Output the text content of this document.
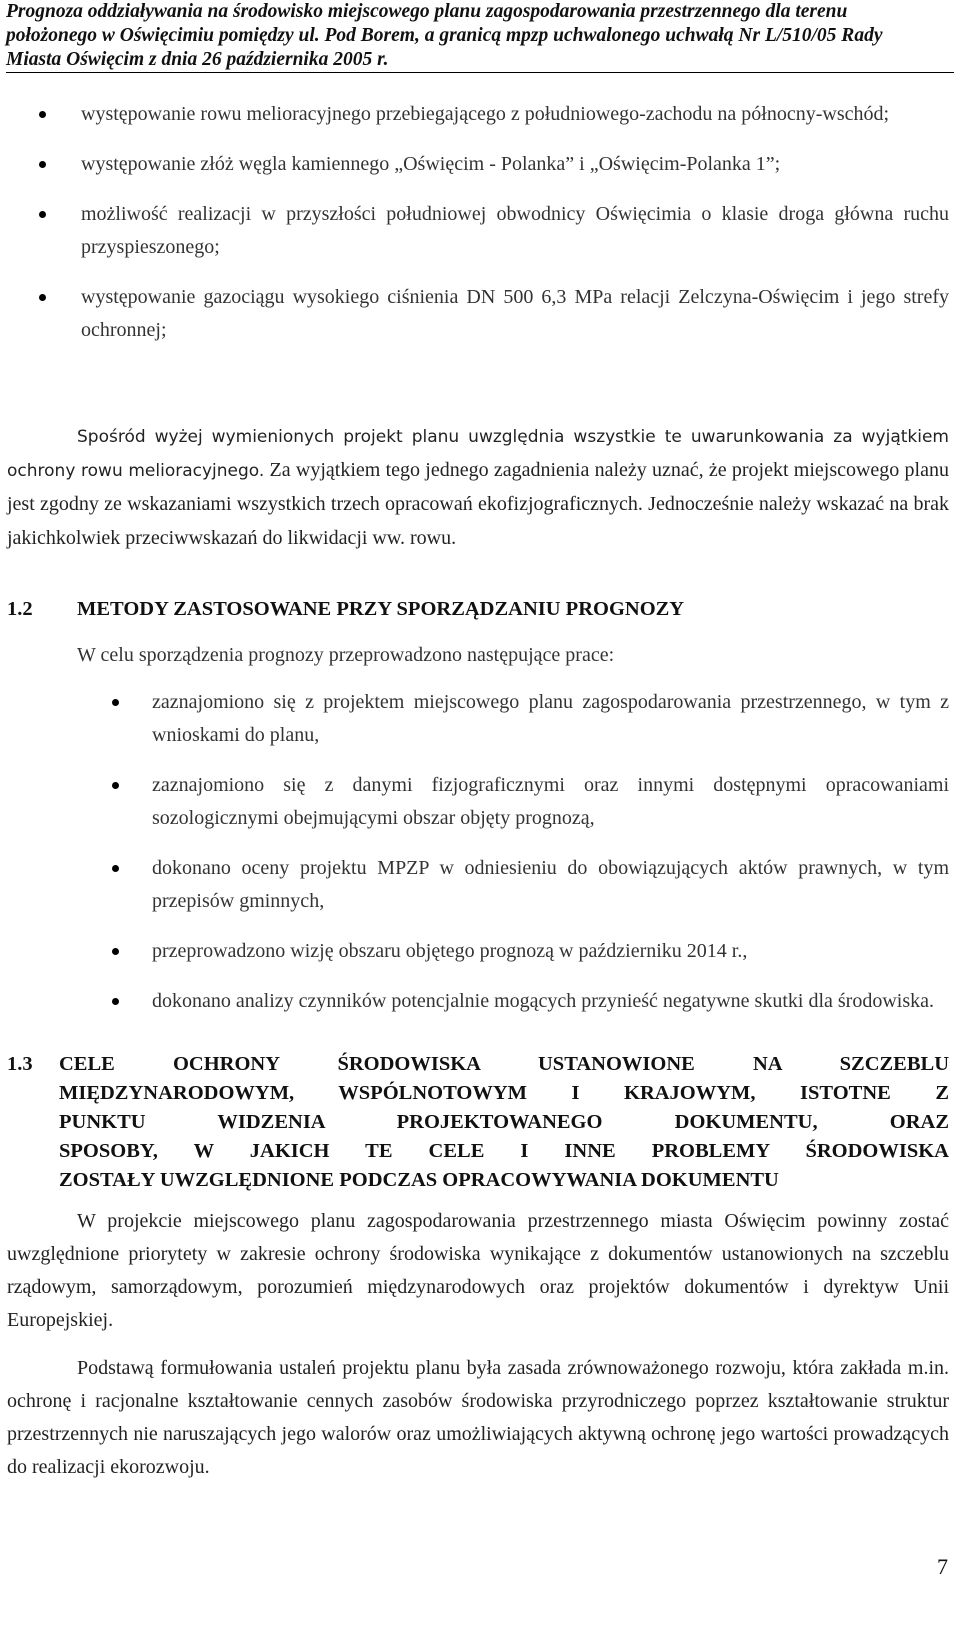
Prognoza oddziaływania na środowisko miejscowego planu zagospodarowania przestrzennego dla terenu
położonego w Oświęcimiu pomiędzy ul. Pod Borem, a granicą mpzp uchwalonego uchwałą Nr L/510/05 Rady
Miasta Oświęcim z dnia 26 października 2005 r.
występowanie rowu melioracyjnego przebiegającego z południowego-zachodu na północny-wschód;
występowanie złóż węgla kamiennego „Oświęcim - Polanka” i „Oświęcim-Polanka 1”;
możliwość realizacji w przyszłości południowej obwodnicy Oświęcimia o klasie droga główna ruchu przyspieszonego;
występowanie gazociągu wysokiego ciśnienia DN 500 6,3 MPa relacji Zelczyna-Oświęcim i jego strefy ochronnej;
Spośród wyżej wymienionych projekt planu uwzględnia wszystkie te uwarunkowania za wyjątkiem ochrony rowu melioracyjnego. Za wyjątkiem tego jednego zagadnienia należy uznać, że projekt miejscowego planu jest zgodny ze wskazaniami wszystkich trzech opracowań ekofizjograficznych. Jednocześnie należy wskazać na brak jakichkolwiek przeciwwskazań do likwidacji ww. rowu.
1.2 METODY ZASTOSOWANE PRZY SPORZĄDZANIU PROGNOZY
W celu sporządzenia prognozy przeprowadzono następujące prace:
zaznajomiono się z projektem miejscowego planu zagospodarowania przestrzennego, w tym z wnioskami do planu,
zaznajomiono się z danymi fizjograficznymi oraz innymi dostępnymi opracowaniami sozologicznymi obejmującymi obszar objęty prognozą,
dokonano oceny projektu MPZP w odniesieniu do obowiązujących aktów prawnych, w tym przepisów gminnych,
przeprowadzono wizję obszaru objętego prognozą w październiku 2014 r.,
dokonano analizy czynników potencjalnie mogących przynieść negatywne skutki dla środowiska.
1.3 CELE OCHRONY ŚRODOWISKA USTANOWIONE NA SZCZEBLU
MIĘDZYNARODOWYM, WSPÓLNOTOWYM I KRAJOWYM, ISTOTNE Z
PUNKTU WIDZENIA PROJEKTOWANEGO DOKUMENTU, ORAZ
SPOSOBY, W JAKICH TE CELE I INNE PROBLEMY ŚRODOWISKA
ZOSTAŁY UWZGLĘDNIONE PODCZAS OPRACOWYWANIA DOKUMENTU
W projekcie miejscowego planu zagospodarowania przestrzennego miasta Oświęcim powinny zostać uwzględnione priorytety w zakresie ochrony środowiska wynikające z dokumentów ustanowionych na szczeblu rządowym, samorządowym, porozumień międzynarodowych oraz projektów dokumentów i dyrektyw Unii Europejskiej.
Podstawą formułowania ustaleń projektu planu była zasada zrównoważonego rozwoju, która zakłada m.in. ochronę i racjonalne kształtowanie cennych zasobów środowiska przyrodniczego poprzez kształtowanie struktur przestrzennych nie naruszających jego walorów oraz umożliwiających aktywną ochronę jego wartości prowadzących do realizacji ekorozwoju.
7
